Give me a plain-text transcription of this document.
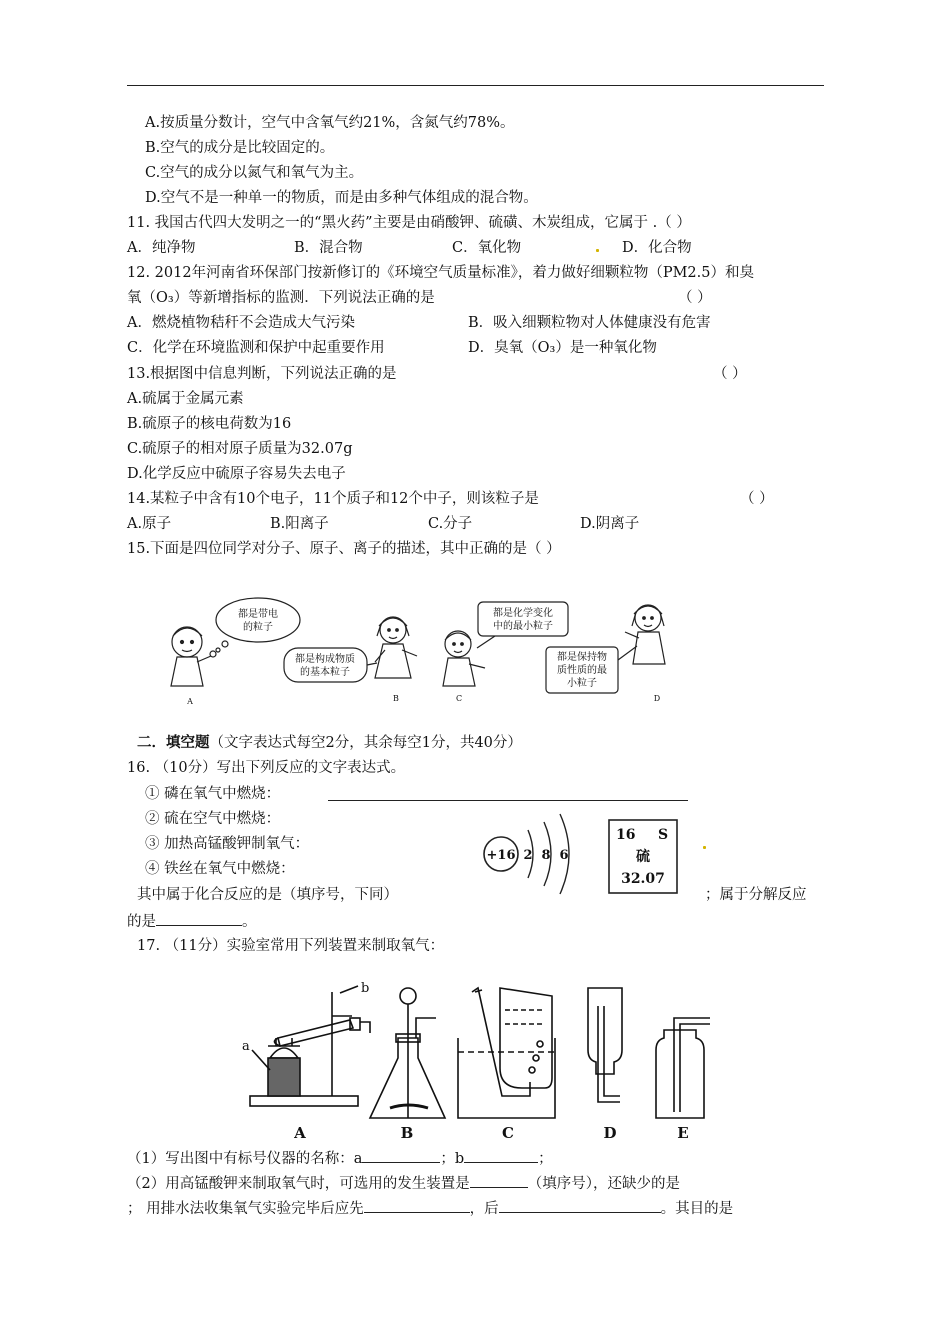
A.按质量分数计，空气中含氧气约21%，含氮气约78%。
B.空气的成分是比较固定的。
C.空气的成分以氮气和氧气为主。
D.空气不是一种单一的物质，而是由多种气体组成的混合物。
11. 我国古代四大发明之一的“黑火药”主要是由硝酸钾、硫磺、木炭组成，它属于 .（ ）
A．纯净物	B．混合物	C．氧化物	D．化合物
12. 2012年河南省环保部门按新修订的《环境空气质量标准》，着力做好细颗粒物（PM2.5）和臭
氧（O₃）等新增指标的监测．下列说法正确的是	（ ）
A．燃烧植物秸秆不会造成大气污染	B．吸入细颗粒物对人体健康没有危害
C．化学在环境监测和保护中起重要作用	D．臭氧（O₃）是一种氧化物
13.根据图中信息判断，下列说法正确的是	（ ）
A.硫属于金属元素
B.硫原子的核电荷数为16
C.硫原子的相对原子质量为32.07g
D.化学反应中硫原子容易失去电子
14.某粒子中含有10个电子，11个质子和12个中子，则该粒子是	（ ）
A.原子	B.阳离子	C.分子	D.阴离子
15.下面是四位同学对分子、原子、离子的描述，其中正确的是（ ）
都是带电
的粒子
都是构成物质
的基本粒子
都是化学变化
中的最小粒子
都是保持物
质性质的最
小粒子
A	B	C	D
二．填空题（文字表达式每空2分，其余每空1分，共40分）
16. （10分）写出下列反应的文字表达式。
① 磷在氧气中燃烧：
② 硫在空气中燃烧：
③ 加热高锰酸钾制氧气：
④ 铁丝在氧气中燃烧：
其中属于化合反应的是（填序号，下同）	；属于分解反应
的是	。
+16 2 8 6
16 S
硫
32.07
17. （11分）实验室常用下列装置来制取氧气：
a
b
A	B	C	D	E
（1）写出图中有标号仪器的名称：a	；b	；
（2）用高锰酸钾来制取氧气时，可选用的发生装置是	（填序号），还缺少的是
； 用排水法收集氧气实验完毕后应先	，后	。其目的是
